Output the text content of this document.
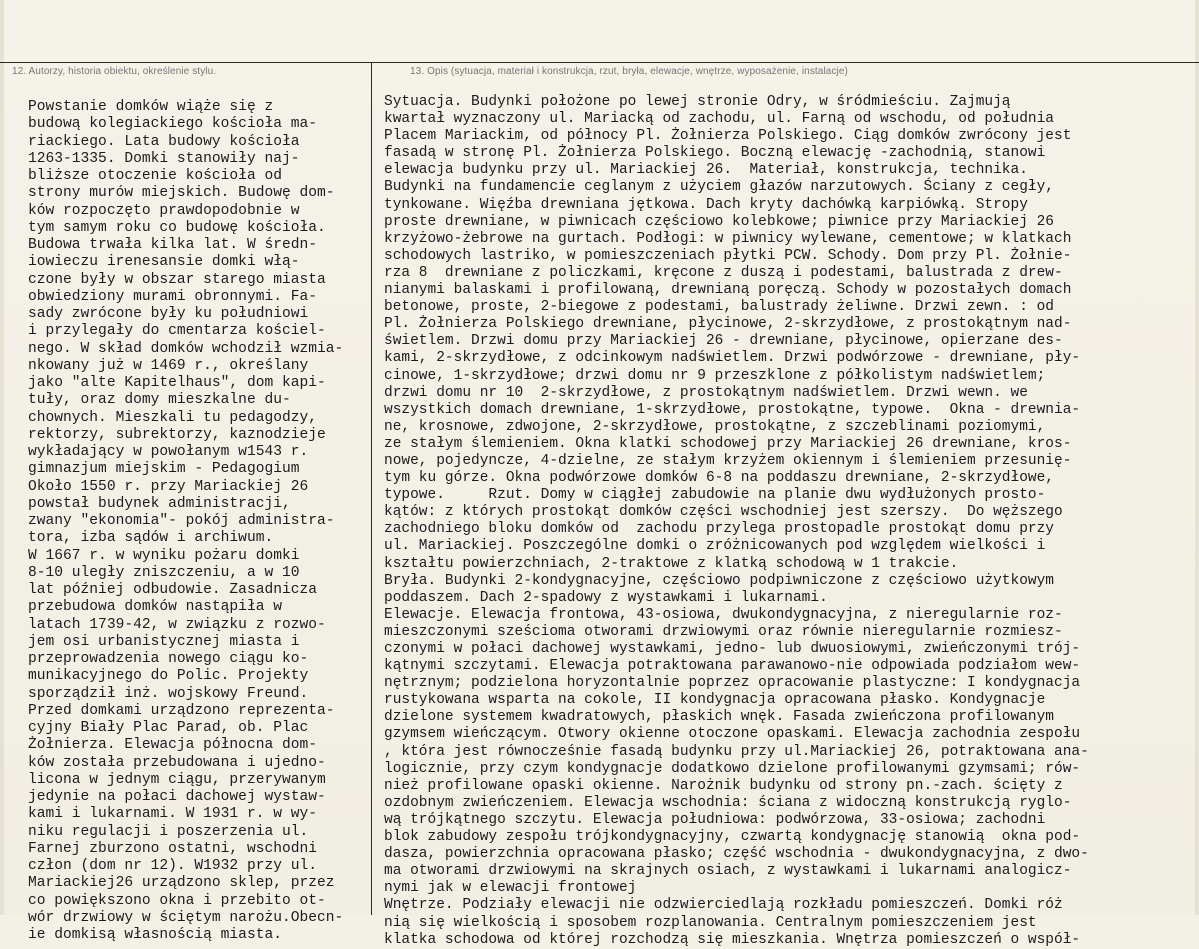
12. Autorzy, historia obiektu, określenie stylu.	13. Opis (sytuacja, materiał i konstrukcja, rzut, bryła, elewacje, wnętrze, wyposażenie, instalacje)
Powstanie domków wiąże się z
budową kolegiackiego kościoła ma-
riackiego. Lata budowy kościoła
1263-1335. Domki stanowiły naj-
bliższe otoczenie kościoła od
strony murów miejskich. Budowę dom-
ków rozpoczęto prawdopodobnie w
tym samym roku co budowę kościoła.
Budowa trwała kilka lat. W średn-
iowieczu irenesansie domki włą-
czone były w obszar starego miasta
obwiedziony murami obronnymi. Fa-
sady zwrócone były ku południowi
i przylegały do cmentarza kościel-
nego. W skład domków wchodził wzmia-
nkowany już w 1469 r., określany
jako "alte Kapitelhaus", dom kapi-
tuły, oraz domy mieszkalne du-
chownych. Mieszkali tu pedagodzy,
rektorzy, subrektorzy, kaznodzieje
wykładający w powołanym w1543 r.
gimnazjum miejskim - Pedagogium
Około 1550 r. przy Mariackiej 26
powstał budynek administracji,
zwany "ekonomia"- pokój administra-
tora, izba sądów i archiwum.
W 1667 r. w wyniku pożaru domki
8-10 uległy zniszczeniu, a w 10
lat później odbudowie. Zasadnicza
przebudowa domków nastąpiła w
latach 1739-42, w związku z rozwo-
jem osi urbanistycznej miasta i
przeprowadzenia nowego ciągu ko-
munikacyjnego do Polic. Projekty
sporządził inż. wojskowy Freund.
Przed domkami urządzono reprezenta-
cyjny Biały Plac Parad, ob. Plac
Żołnierza. Elewacja północna dom-
ków została przebudowana i ujedno-
licona w jednym ciągu, przerywanym
jedynie na połaci dachowej wystaw-
kami i lukarnami. W 1931 r. w wy-
niku regulacji i poszerzenia ul.
Farnej zburzono ostatni, wschodni
człon (dom nr 12). W1932 przy ul.
Mariackiej26 urządzono sklep, przez
co powiększono okna i przebito ot-
wór drzwiowy w ściętym narożu.Obecn-
ie domkisą własnością miasta.
Sytuacja. Budynki położone po lewej stronie Odry, w śródmieściu. Zajmują
kwartał wyznaczony ul. Mariacką od zachodu, ul. Farną od wschodu, od południa
Placem Mariackim, od północy Pl. Żołnierza Polskiego. Ciąg domków zwrócony jest
fasadą w stronę Pl. Żołnierza Polskiego. Boczną elewację -zachodnią, stanowi
elewacja budynku przy ul. Mariackiej 26.  Materiał, konstrukcja, technika.
Budynki na fundamencie ceglanym z użyciem głazów narzutowych. Ściany z cegły,
tynkowane. Więźba drewniana jętkowa. Dach kryty dachówką karpiówką. Stropy
proste drewniane, w piwnicach częściowo kolebkowe; piwnice przy Mariackiej 26
krzyżowo-żebrowe na gurtach. Podłogi: w piwnicy wylewane, cementowe; w klatkach
schodowych lastriko, w pomieszczeniach płytki PCW. Schody. Dom przy Pl. Żołnie-
rza 8  drewniane z policzkami, kręcone z duszą i podestami, balustrada z drew-
nianymi balaskami i profilowaną, drewnianą poręczą. Schody w pozostałych domach
betonowe, proste, 2-biegowe z podestami, balustrady żeliwne. Drzwi zewn. : od
Pl. Żołnierza Polskiego drewniane, płycinowe, 2-skrzydłowe, z prostokątnym nad-
świetlem. Drzwi domu przy Mariackiej 26 - drewniane, płycinowe, opierzane des-
kami, 2-skrzydłowe, z odcinkowym nadświetlem. Drzwi podwórzowe - drewniane, pły-
cinowe, 1-skrzydłowe; drzwi domu nr 9 przeszklone z półkolistym nadświetlem;
drzwi domu nr 10  2-skrzydłowe, z prostokątnym nadświetlem. Drzwi wewn. we
wszystkich domach drewniane, 1-skrzydłowe, prostokątne, typowe.  Okna - drewnia-
ne, krosnowe, zdwojone, 2-skrzydłowe, prostokątne, z szczeblinami poziomymi,
ze stałym ślemieniem. Okna klatki schodowej przy Mariackiej 26 drewniane, kros-
nowe, pojedyncze, 4-dzielne, ze stałym krzyżem okiennym i ślemieniem przesunię-
tym ku górze. Okna podwórzowe domków 6-8 na poddaszu drewniane, 2-skrzydłowe,
typowe.     Rzut. Domy w ciągłej zabudowie na planie dwu wydłużonych prosto-
kątów: z których prostokąt domków części wschodniej jest szerszy.  Do węższego
zachodniego bloku domków od  zachodu przylega prostopadle prostokąt domu przy
ul. Mariackiej. Poszczególne domki o zróżnicowanych pod względem wielkości i
kształtu powierzchniach, 2-traktowe z klatką schodową w 1 trakcie.
Bryła. Budynki 2-kondygnacyjne, częściowo podpiwniczone z częściowo użytkowym
poddaszem. Dach 2-spadowy z wystawkami i lukarnami.
Elewacje. Elewacja frontowa, 43-osiowa, dwukondygnacyjna, z nieregularnie roz-
mieszczonymi sześcioma otworami drzwiowymi oraz równie nieregularnie rozmiesz-
czonymi w połaci dachowej wystawkami, jedno- lub dwuosiowymi, zwieńczonymi trój-
kątnymi szczytami. Elewacja potraktowana parawanowo-nie odpowiada podziałom wew-
nętrznym; podzielona horyzontalnie poprzez opracowanie plastyczne: I kondygnacja
rustykowana wsparta na cokole, II kondygnacja opracowana płasko. Kondygnacje
dzielone systemem kwadratowych, płaskich wnęk. Fasada zwieńczona profilowanym
gzymsem wieńczącym. Otwory okienne otoczone opaskami. Elewacja zachodnia zespołu
, która jest równocześnie fasadą budynku przy ul.Mariackiej 26, potraktowana ana-
logicznie, przy czym kondygnacje dodatkowo dzielone profilowanymi gzymsami; rów-
nież profilowane opaski okienne. Narożnik budynku od strony pn.-zach. ścięty z
ozdobnym zwieńczeniem. Elewacja wschodnia: ściana z widoczną konstrukcją ryglo-
wą trójkątnego szczytu. Elewacja południowa: podwórzowa, 33-osiowa; zachodni
blok zabudowy zespołu trójkondygnacyjny, czwartą kondygnację stanowią  okna pod-
dasza, powierzchnia opracowana płasko; część wschodnia - dwukondygnacyjna, z dwo-
ma otworami drzwiowymi na skrajnych osiach, z wystawkami i lukarnami analogicz-
nymi jak w elewacji frontowej
Wnętrze. Podziały elewacji nie odzwierciedlają rozkładu pomieszczeń. Domki róż
nią się wielkością i sposobem rozplanowania. Centralnym pomieszczeniem jest
klatka schodowa od której rozchodzą się mieszkania. Wnętrza pomieszczeń o współ-
